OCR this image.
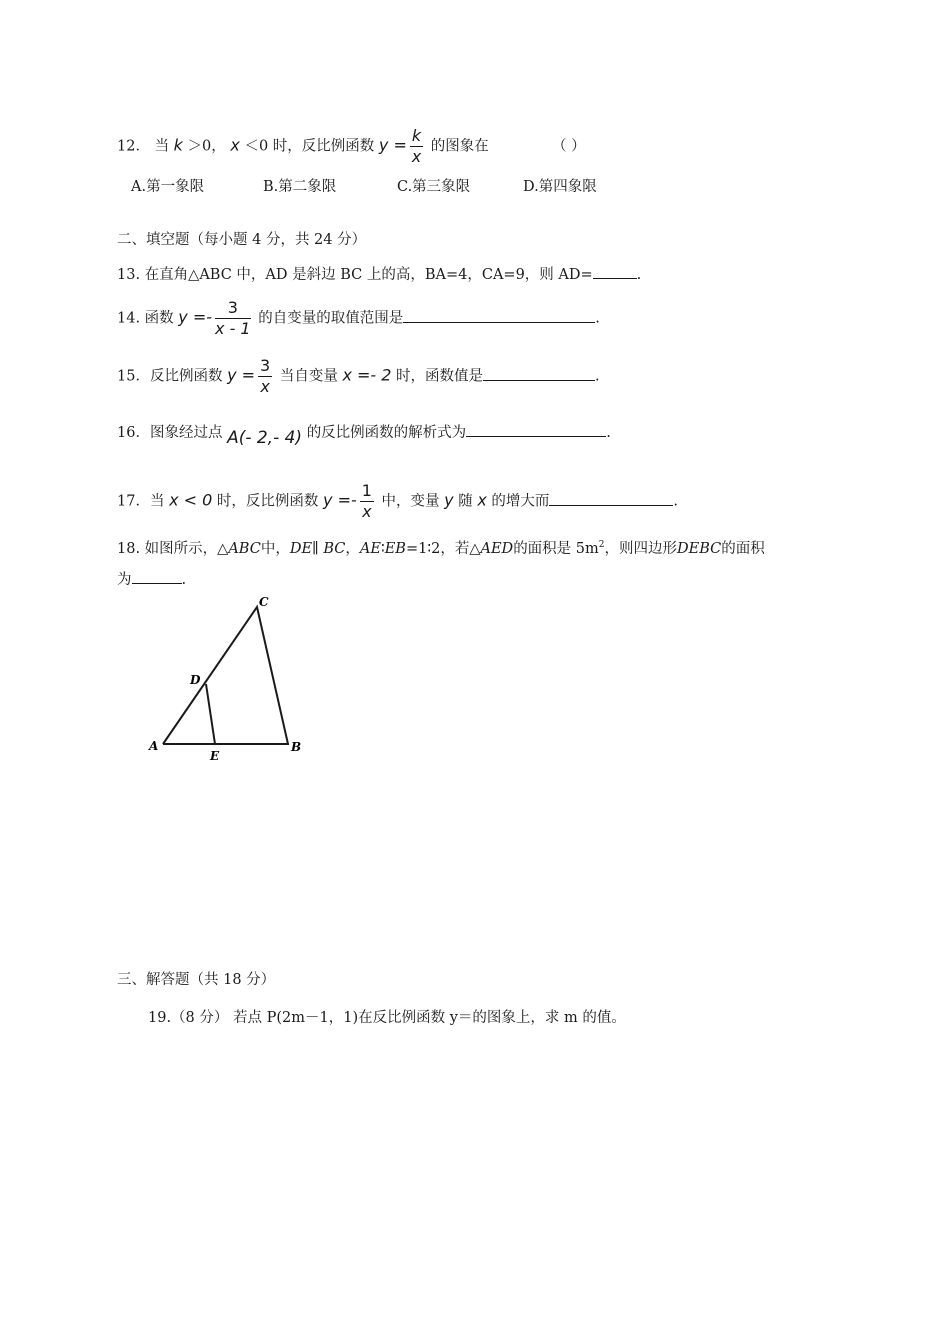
12． 当 k ＞0， x ＜0 时，反比例函数 $y = \frac{k}{x}$ 的图象在	（ ）
A.第一象限	B.第二象限	C.第三象限	D.第四象限
二、填空题（每小题 4 分，共 24 分）
13. 在直角△ABC 中，AD 是斜边 BC 上的高，BA=4，CA=9，则 AD=	.
14. 函数 $y =- \frac{3}{x - 1}$ 的自变量的取值范围是	.
15．反比例函数 $y = \frac{3}{x}$ 当自变量 x =- 2 时，函数值是	.
16．图象经过点 A(- 2,- 4) 的反比例函数的解析式为	.
17．当 x < 0 时，反比例函数 $y =- \frac{1}{x}$ 中，变量 y 随 x 的增大而	.
18. 如图所示，△ABC中，DE∥ BC，AE∶EB=1∶2，若△AED的面积是 $5m^2$，则四边形DEBC的面积
为	.
C
D
A
E
B
三、解答题（共 18 分）
19.（8 分） 若点 P(2m－1，1)在反比例函数 y＝的图象上，求 m 的值。
